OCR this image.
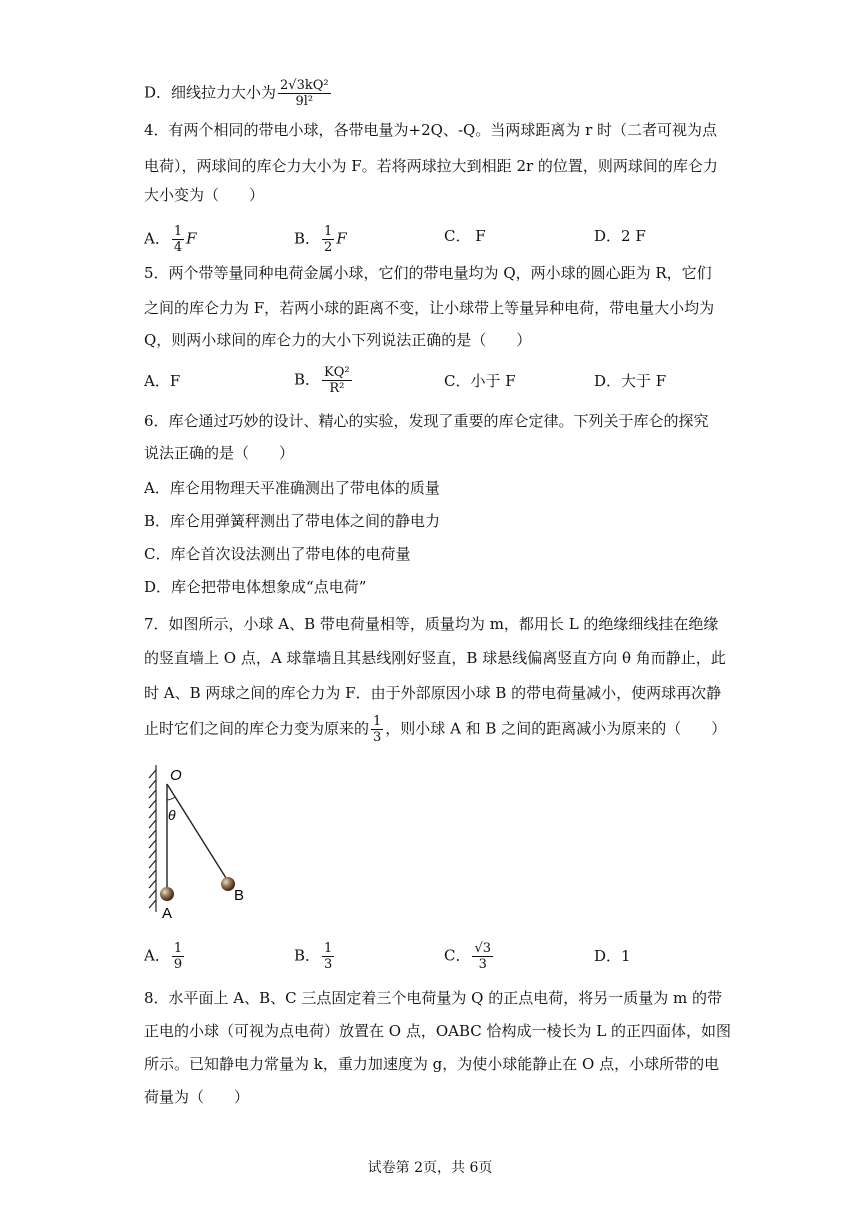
D．细线拉力大小为 $\frac{\text{2√3kQ²}}{\text{9l²}}$
4．有两个相同的带电小球，各带电量为+2Q、-Q。当两球距离为 r 时（二者可视为点
电荷），两球间的库仑力大小为 F。若将两球拉大到相距 2r 的位置，则两球间的库仑力
大小变为（　　）
A． $\frac{1}{4}$ F	B． $\frac{1}{2}$ F	C． F	D．2 F
5．两个带等量同种电荷金属小球，它们的带电量均为 Q，两小球的圆心距为 R，它们
之间的库仑力为 F，若两小球的距离不变，让小球带上等量异种电荷，带电量大小均为
Q，则两小球间的库仑力的大小下列说法正确的是（　　）
A．F	B． $\frac{\text{KQ²}}{\text{R²}}$	C．小于 F	D．大于 F
6．库仑通过巧妙的设计、精心的实验，发现了重要的库仑定律。下列关于库仑的探究
说法正确的是（　　）
A．库仑用物理天平准确测出了带电体的质量
B．库仑用弹簧秤测出了带电体之间的静电力
C．库仑首次设法测出了带电体的电荷量
D．库仑把带电体想象成“点电荷”
7．如图所示，小球 A、B 带电荷量相等，质量均为 m，都用长 L 的绝缘细线挂在绝缘
的竖直墙上 O 点，A 球靠墙且其悬线刚好竖直，B 球悬线偏离竖直方向 θ 角而静止，此
时 A、B 两球之间的库仑力为 F．由于外部原因小球 B 的带电荷量减小，使两球再次静
止时它们之间的库仑力变为原来的 $\frac{1}{3}$ ，则小球 A 和 B 之间的距离减小为原来的（　　）
O
θ
A
B
A． $\frac{1}{9}$	B． $\frac{1}{3}$	C． $\frac{√3}{3}$	D．1
8．水平面上 A、B、C 三点固定着三个电荷量为 Q 的正点电荷，将另一质量为 m 的带
正电的小球（可视为点电荷）放置在 O 点，OABC 恰构成一棱长为 L 的正四面体，如图
所示。已知静电力常量为 k，重力加速度为 g，为使小球能静止在 O 点，小球所带的电
荷量为（　　）
试卷第 2页，共 6页
